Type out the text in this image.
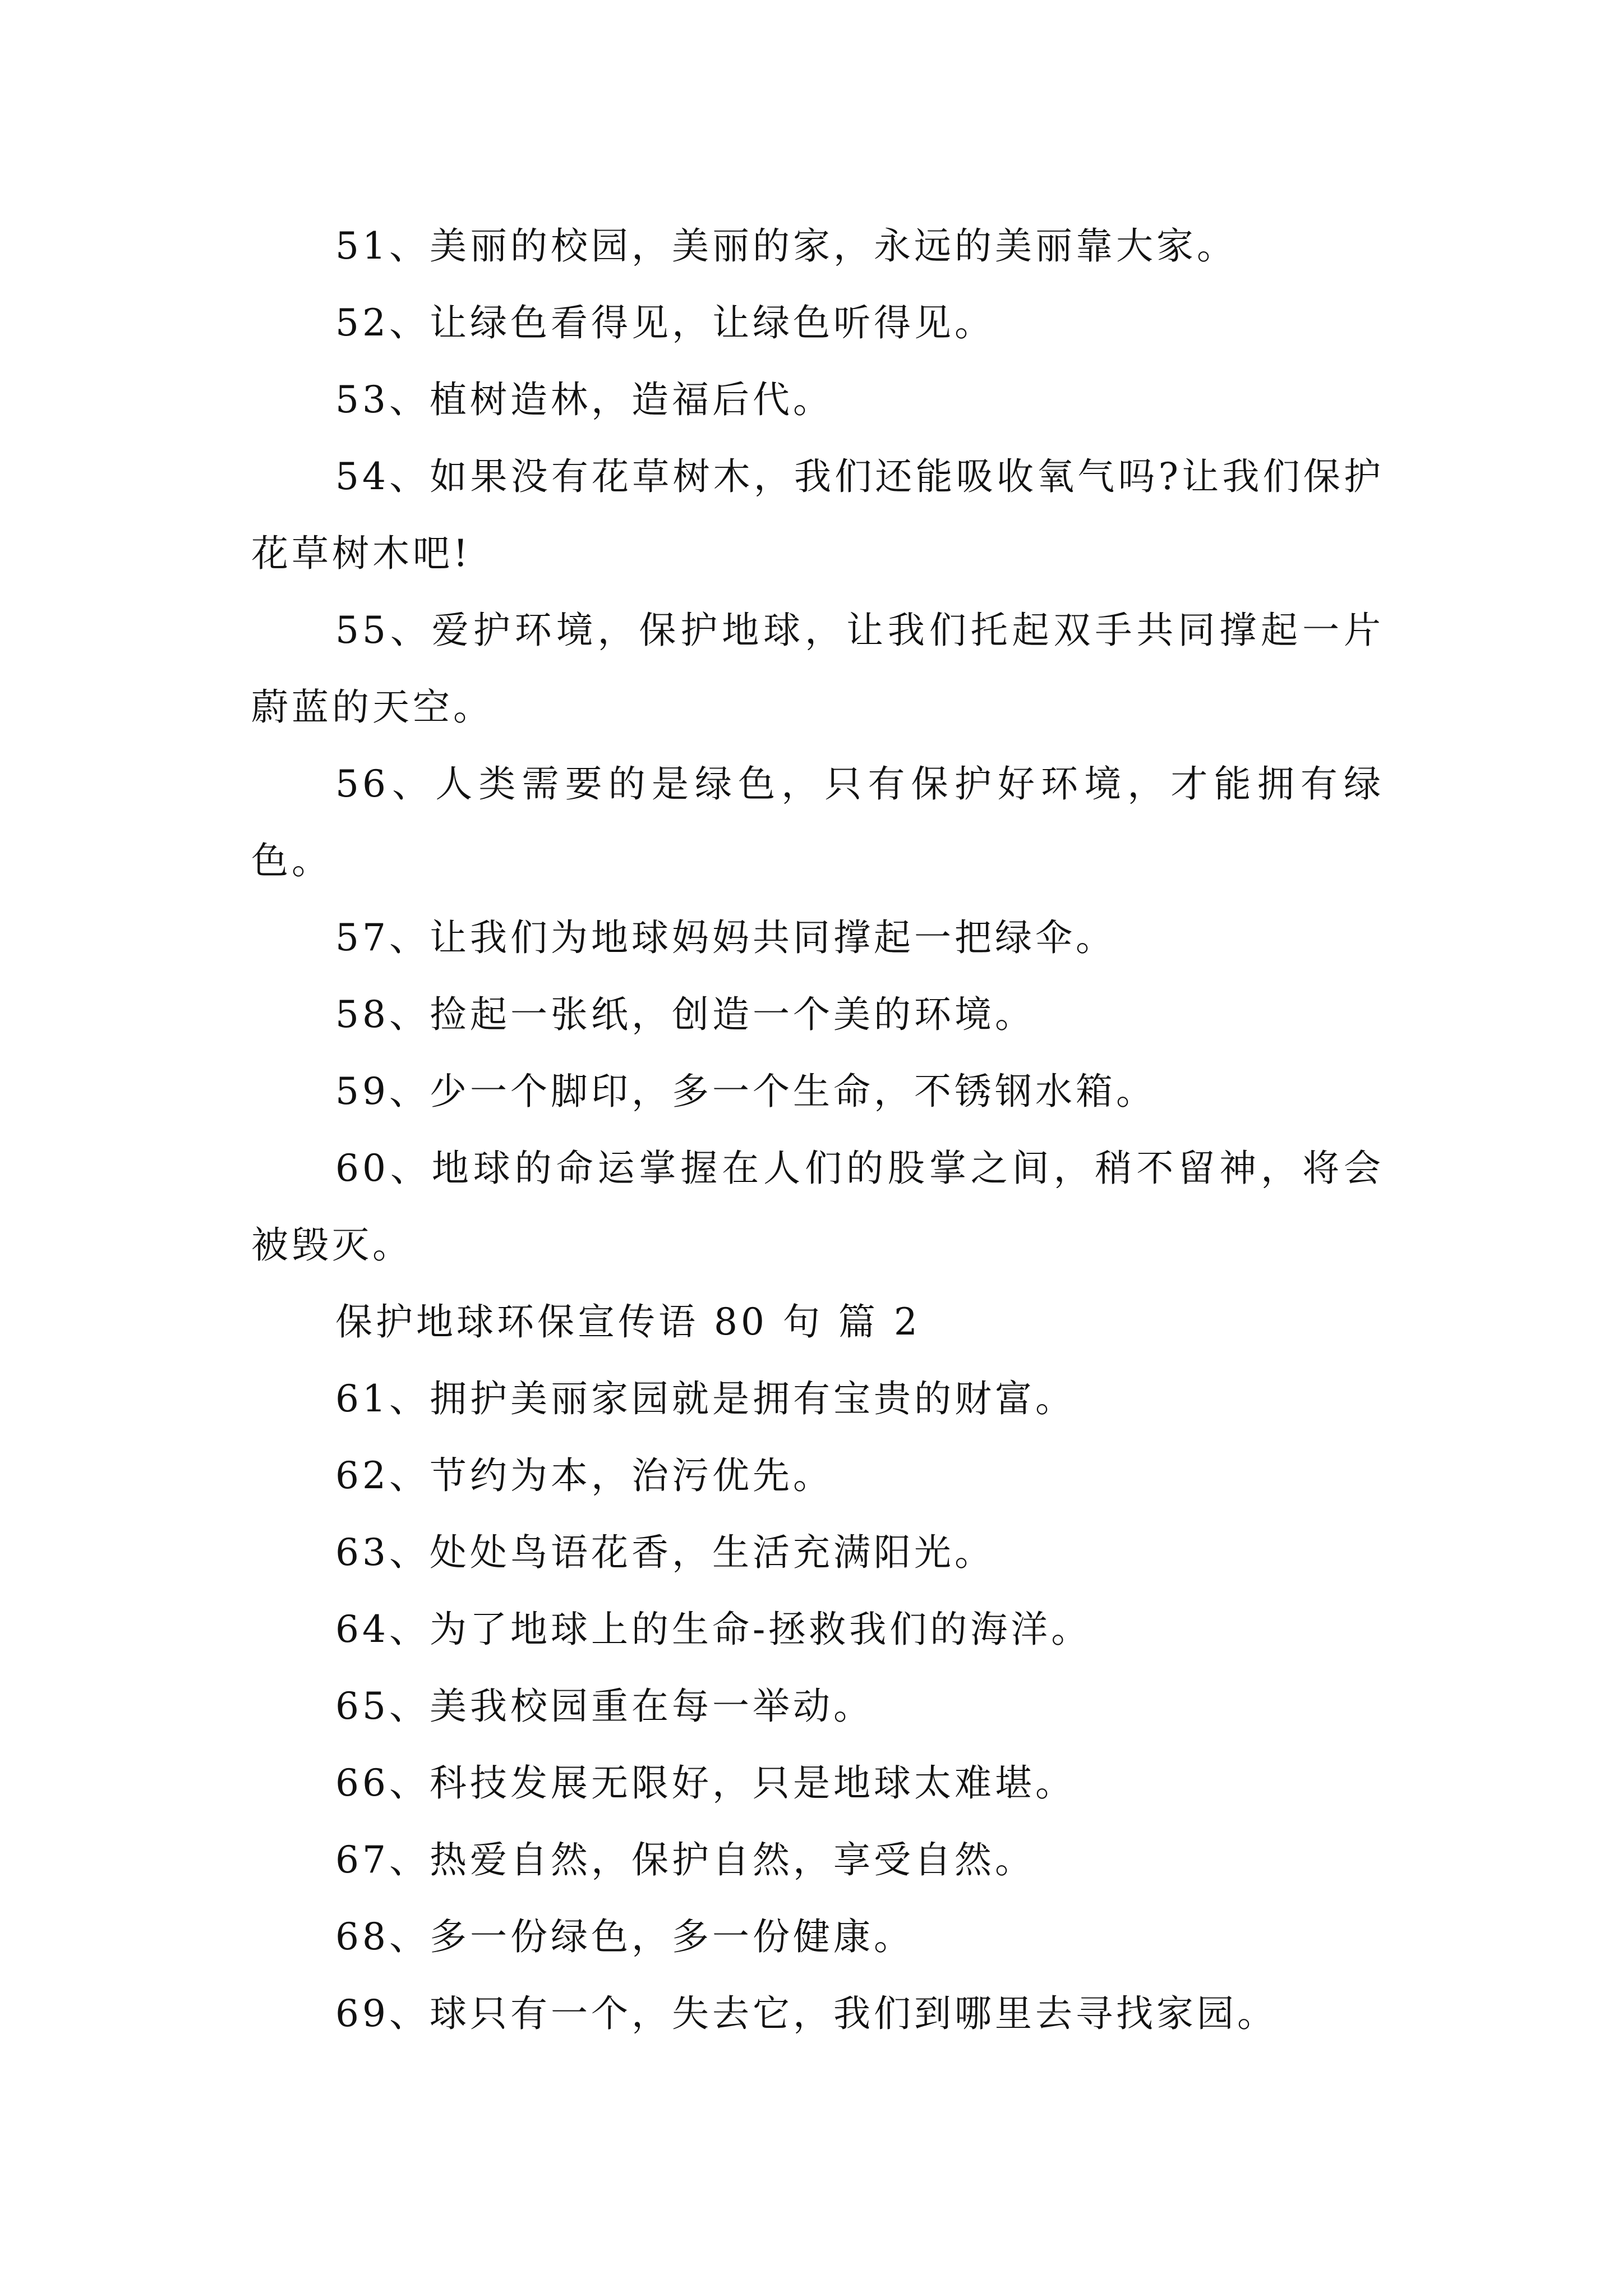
51、美丽的校园，美丽的家，永远的美丽靠大家。

52、让绿色看得见，让绿色听得见。

53、植树造林，造福后代。

54、如果没有花草树木，我们还能吸收氧气吗?让我们保护花草树木吧!

55、爱护环境，保护地球，让我们托起双手共同撑起一片蔚蓝的天空。

56、人类需要的是绿色，只有保护好环境，才能拥有绿色。

57、让我们为地球妈妈共同撑起一把绿伞。

58、捡起一张纸，创造一个美的环境。

59、少一个脚印，多一个生命，不锈钢水箱。

60、地球的命运掌握在人们的股掌之间，稍不留神，将会被毁灭。

保护地球环保宣传语 80 句 篇 2

61、拥护美丽家园就是拥有宝贵的财富。

62、节约为本，治污优先。

63、处处鸟语花香，生活充满阳光。

64、为了地球上的生命-拯救我们的海洋。

65、美我校园重在每一举动。

66、科技发展无限好，只是地球太难堪。

67、热爱自然，保护自然，享受自然。

68、多一份绿色，多一份健康。

69、球只有一个，失去它，我们到哪里去寻找家园。
